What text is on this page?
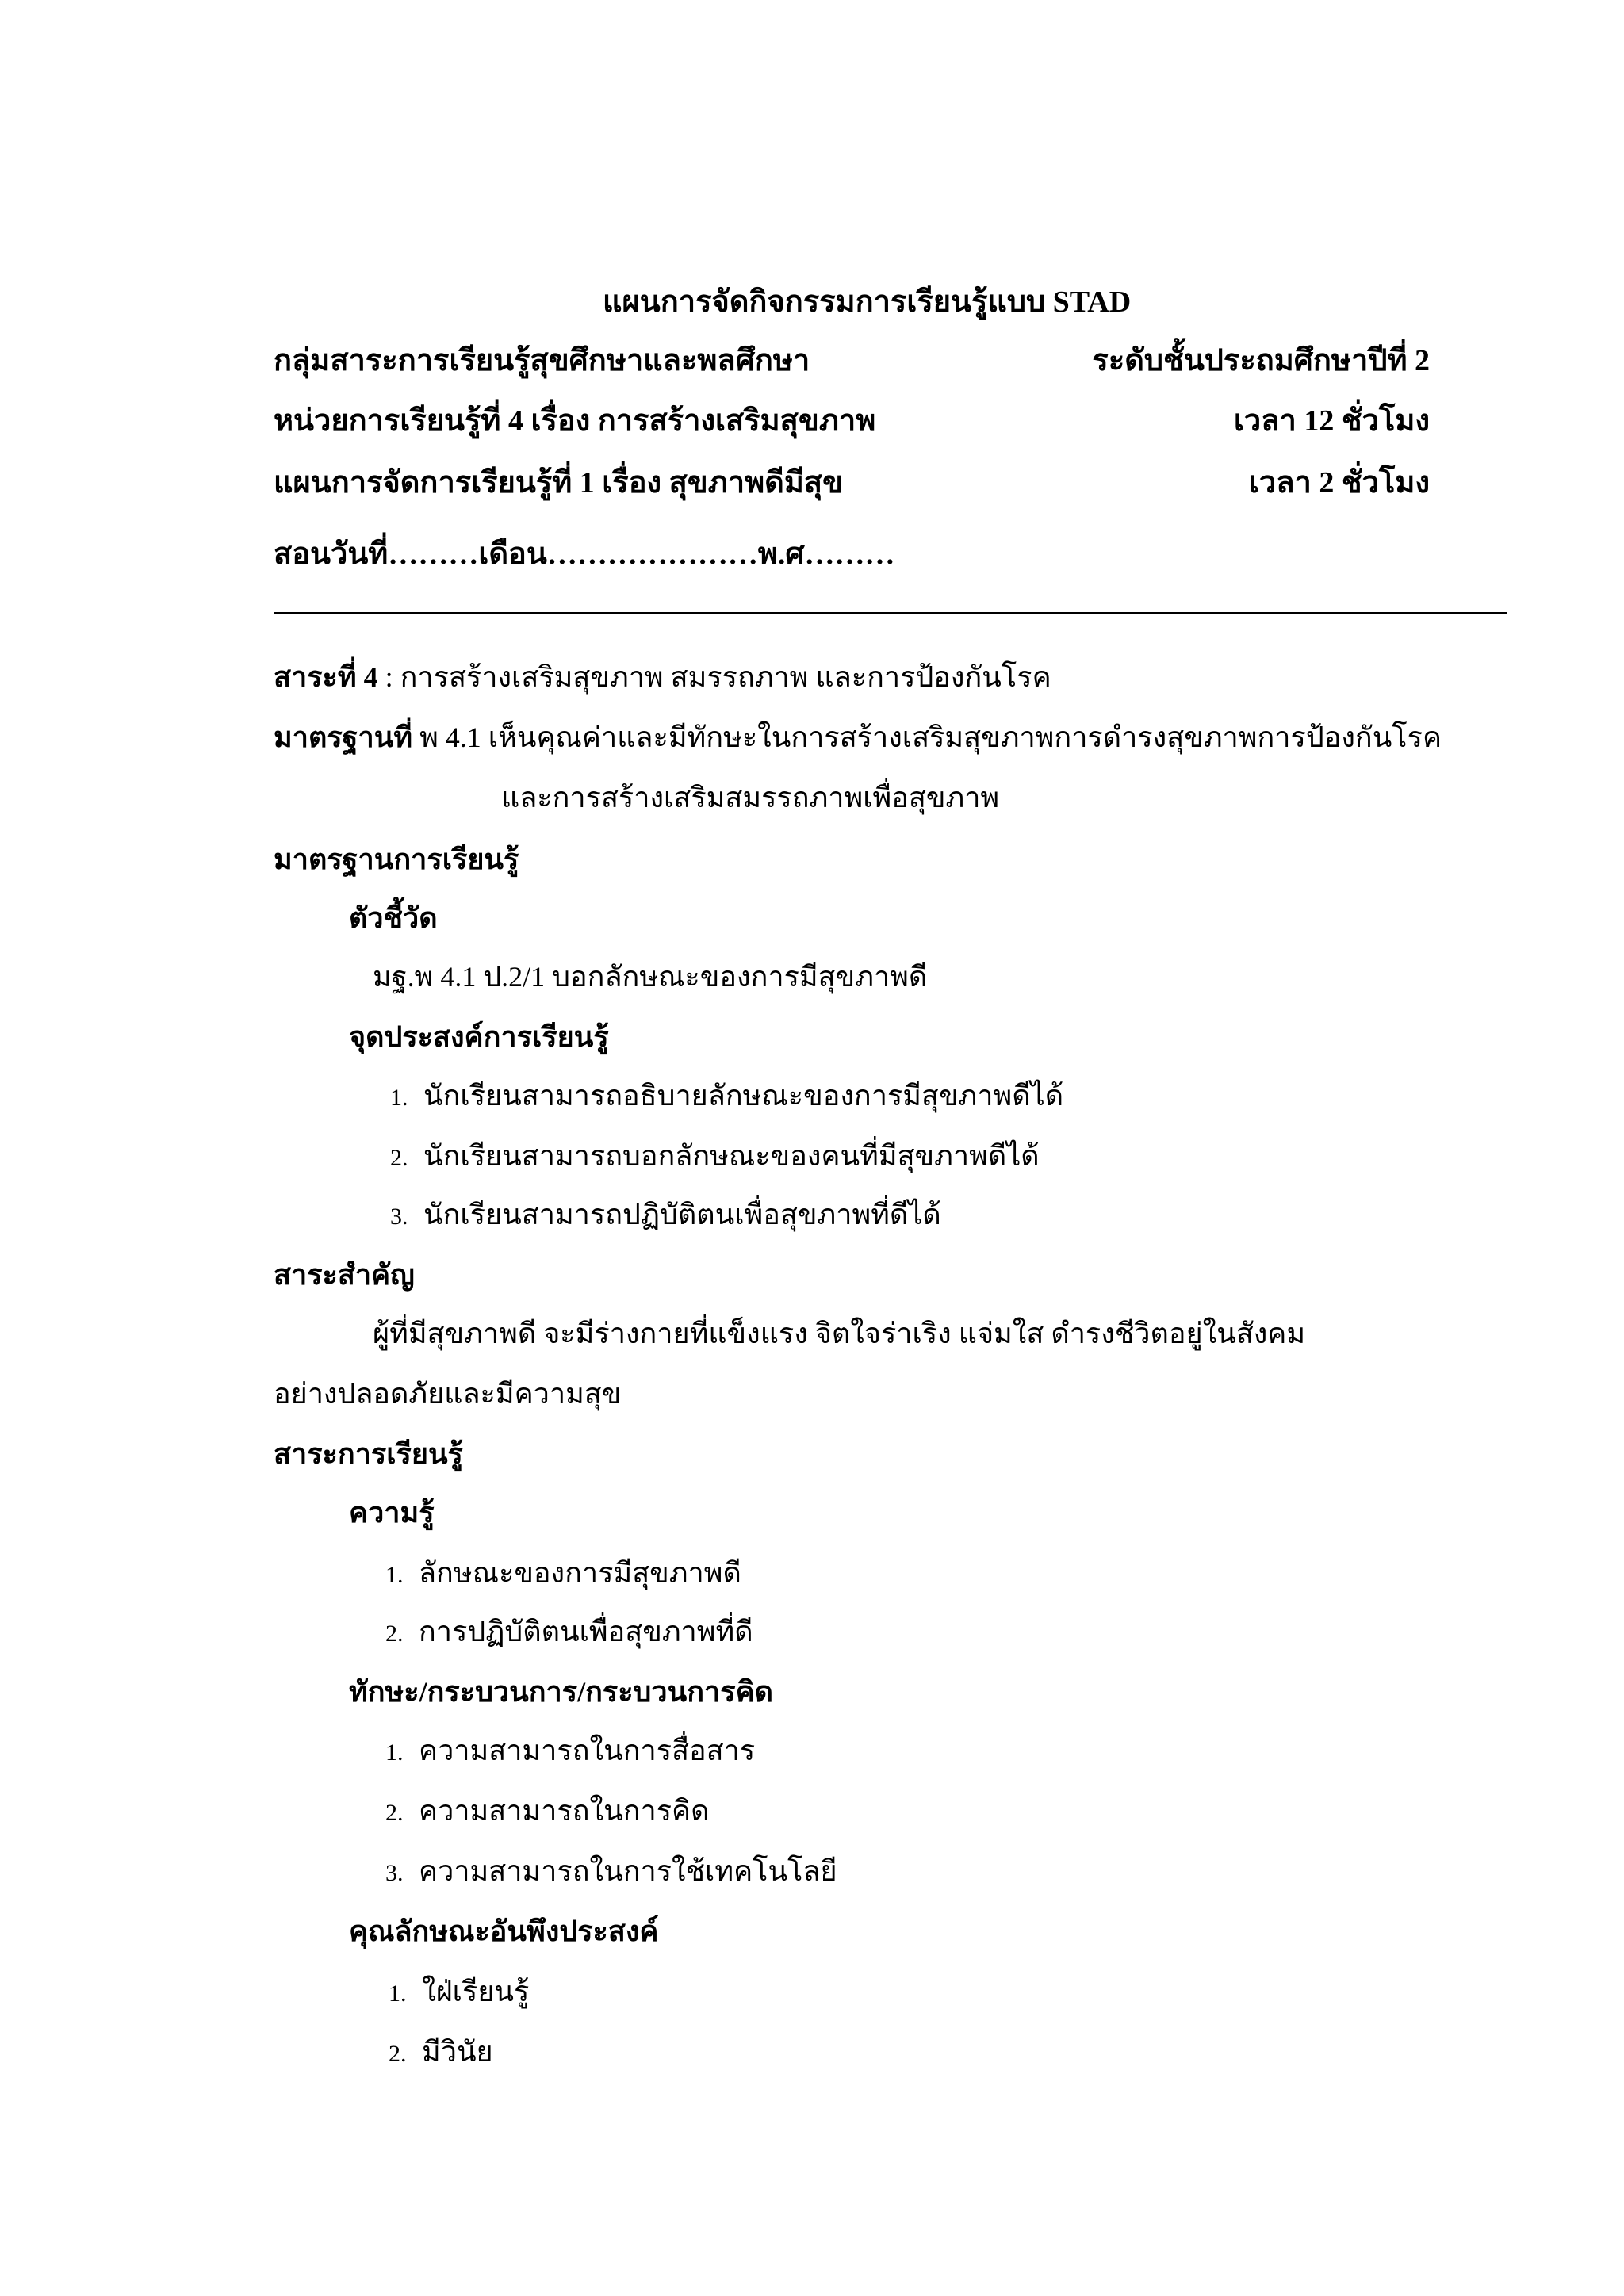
แผนการจัดกิจกรรมการเรียนรู้แบบ STAD
กลุ่มสาระการเรียนรู้สุขศึกษาและพลศึกษา	ระดับชั้นประถมศึกษาปีที่ 2
หน่วยการเรียนรู้ที่ 4 เรื่อง การสร้างเสริมสุขภาพ	เวลา 12 ชั่วโมง
แผนการจัดการเรียนรู้ที่ 1 เรื่อง สุขภาพดีมีสุข	เวลา 2 ชั่วโมง
สอนวันที่………เดือน…………………พ.ศ………
สาระที่ 4 : การสร้างเสริมสุขภาพ สมรรถภาพ และการป้องกันโรค
มาตรฐานที่ พ 4.1 เห็นคุณค่าและมีทักษะในการสร้างเสริมสุขภาพการดำรงสุขภาพการป้องกันโรค
และการสร้างเสริมสมรรถภาพเพื่อสุขภาพ
มาตรฐานการเรียนรู้
ตัวชี้วัด
มฐ.พ 4.1 ป.2/1 บอกลักษณะของการมีสุขภาพดี
จุดประสงค์การเรียนรู้
1. นักเรียนสามารถอธิบายลักษณะของการมีสุขภาพดีได้
2. นักเรียนสามารถบอกลักษณะของคนที่มีสุขภาพดีได้
3. นักเรียนสามารถปฏิบัติตนเพื่อสุขภาพที่ดีได้
สาระสำคัญ
ผู้ที่มีสุขภาพดี จะมีร่างกายที่แข็งแรง จิตใจร่าเริง แจ่มใส ดำรงชีวิตอยู่ในสังคม
อย่างปลอดภัยและมีความสุข
สาระการเรียนรู้
ความรู้
1. ลักษณะของการมีสุขภาพดี
2. การปฏิบัติตนเพื่อสุขภาพที่ดี
ทักษะ/กระบวนการ/กระบวนการคิด
1. ความสามารถในการสื่อสาร
2. ความสามารถในการคิด
3. ความสามารถในการใช้เทคโนโลยี
คุณลักษณะอันพึงประสงค์
1. ใฝ่เรียนรู้
2. มีวินัย
